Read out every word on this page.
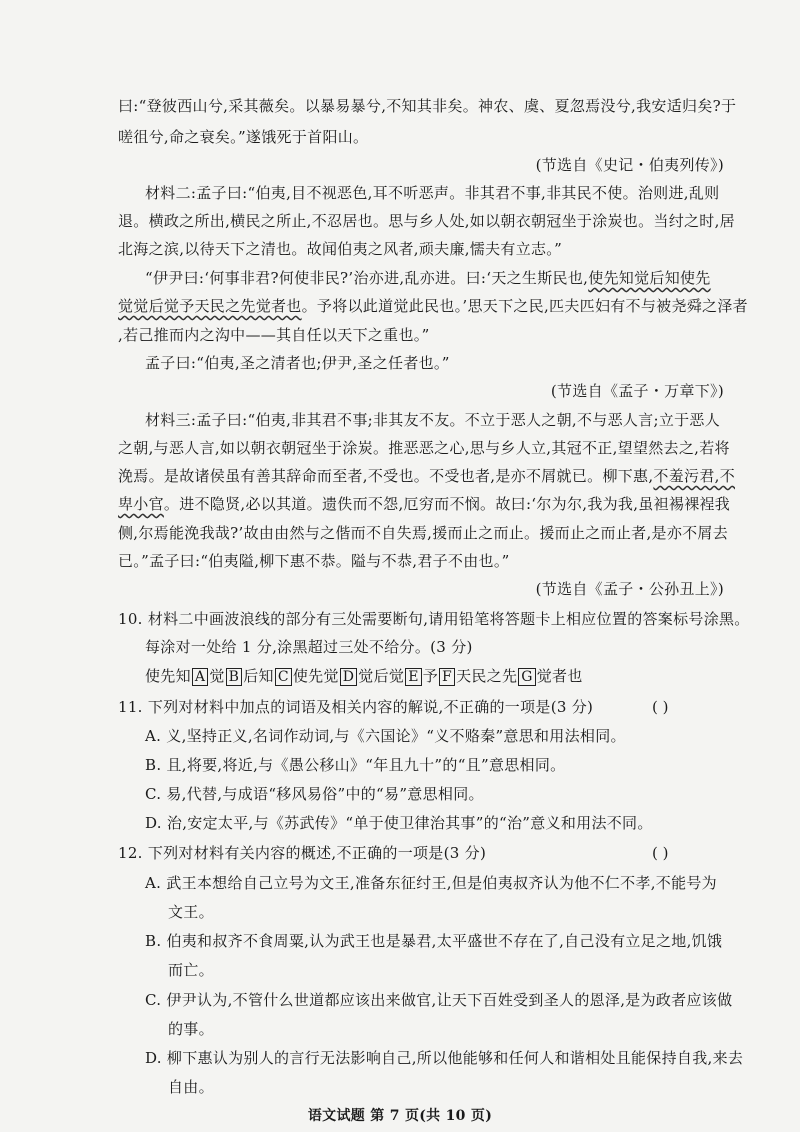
曰:“登彼西山兮,采其薇矣。以暴易暴兮,不知其非矣。神农、虞、夏忽焉没兮,我安适归矣?于
嗟徂兮,命之衰矣。”遂饿死于首阳山。
(节选自《史记・伯夷列传》)
材料二:孟子曰:“伯夷,目不视恶色,耳不听恶声。非其君不事,非其民不使。治则进,乱则
退。横政之所出,横民之所止,不忍居也。思与乡人处,如以朝衣朝冠坐于涂炭也。当纣之时,居
北海之滨,以待天下之清也。故闻伯夷之风者,顽夫廉,懦夫有立志。”
“伊尹曰:‘何事非君?何使非民?’治亦进,乱亦进。曰:‘天之生斯民也,使先知觉后知使先
觉觉后觉予天民之先觉者也。予将以此道觉此民也。’思天下之民,匹夫匹妇有不与被尧舜之泽者
,若己推而内之沟中——其自任以天下之重也。”
孟子曰:“伯夷,圣之清者也;伊尹,圣之任者也。”
(节选自《孟子・万章下》)
材料三:孟子曰:“伯夷,非其君不事;非其友不友。不立于恶人之朝,不与恶人言;立于恶人
之朝,与恶人言,如以朝衣朝冠坐于涂炭。推恶恶之心,思与乡人立,其冠不正,望望然去之,若将
浼焉。是故诸侯虽有善其辞命而至者,不受也。不受也者,是亦不屑就已。柳下惠,不羞污君,不
卑小官。进不隐贤,必以其道。遗佚而不怨,厄穷而不悯。故曰:‘尔为尔,我为我,虽袒裼裸裎我
侧,尔焉能浼我哉?’故由由然与之偕而不自失焉,援而止之而止。援而止之而止者,是亦不屑去
已。”孟子曰:“伯夷隘,柳下惠不恭。隘与不恭,君子不由也。”
(节选自《孟子・公孙丑上》)
10. 材料二中画波浪线的部分有三处需要断句,请用铅笔将答题卡上相应位置的答案标号涂黑。
每涂对一处给 1 分,涂黑超过三处不给分。(3 分)
使先知 A 觉 B 后知 C 使先觉 D 觉后觉 E 予 F 天民之先 G 觉者也
11. 下列对材料中加点的词语及相关内容的解说,不正确的一项是(3 分)	( )
A. 义,坚持正义,名词作动词,与《六国论》“义不赂秦”意思和用法相同。
B. 且,将要,将近,与《愚公移山》“年且九十”的“且”意思相同。
C. 易,代替,与成语“移风易俗”中的“易”意思相同。
D. 治,安定太平,与《苏武传》“单于使卫律治其事”的“治”意义和用法不同。
12. 下列对材料有关内容的概述,不正确的一项是(3 分)	( )
A. 武王本想给自己立号为文王,准备东征纣王,但是伯夷叔齐认为他不仁不孝,不能号为
文王。
B. 伯夷和叔齐不食周粟,认为武王也是暴君,太平盛世不存在了,自己没有立足之地,饥饿
而亡。
C. 伊尹认为,不管什么世道都应该出来做官,让天下百姓受到圣人的恩泽,是为政者应该做
的事。
D. 柳下惠认为别人的言行无法影响自己,所以他能够和任何人和谐相处且能保持自我,来去
自由。
语文试题 第 7 页(共 10 页)
